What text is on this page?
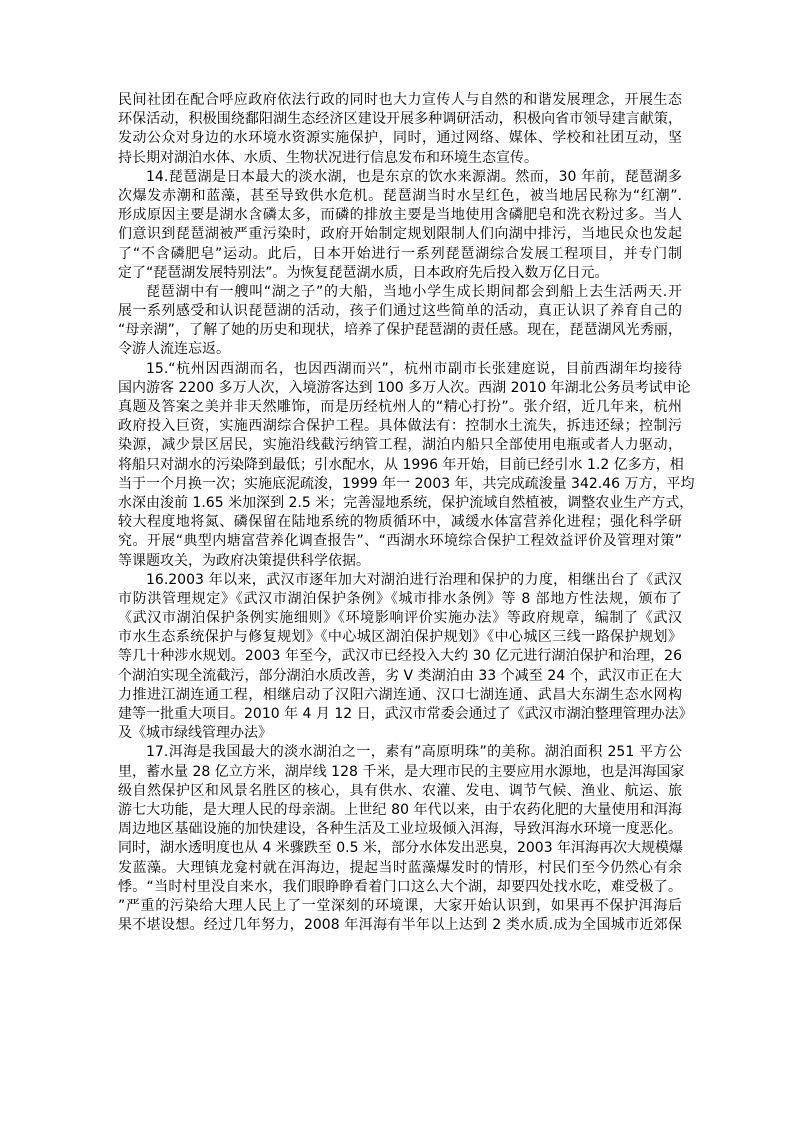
民间社团在配合呼应政府依法行政的同时也大力宣传人与自然的和谐发展理念，开展生态
环保活动，积极围绕鄱阳湖生态经济区建设开展多种调研活动，积极向省市领导建言献策，
发动公众对身边的水环境水资源实施保护，同时，通过网络、媒体、学校和社团互动，坚
持长期对湖泊水体、水质、生物状况进行信息发布和环境生态宣传。
14.琵琶湖是日本最大的淡水湖，也是东京的饮水来源湖。然而，30 年前，琵琶湖多
次爆发赤潮和蓝藻，甚至导致供水危机。琵琶湖当时水呈红色，被当地居民称为“红潮”.
形成原因主要是湖水含磷太多，而磷的排放主要是当地使用含磷肥皂和洗衣粉过多。当人
们意识到琵琶湖被严重污染时，政府开始制定规划限制人们向湖中排污，当地民众也发起
了“不含磷肥皂”运动。此后，日本开始进行一系列琵琶湖综合发展工程项目，并专门制
定了“琵琶湖发展特别法”。为恢复琵琶湖水质，日本政府先后投入数万亿日元。
琵琶湖中有一艘叫“湖之子”的大船，当地小学生成长期间都会到船上去生活两天.开
展一系列感受和认识琵琶湖的活动，孩子们通过这些简单的活动，真正认识了养育自己的
“母亲湖”，了解了她的历史和现状，培养了保护琵琶湖的责任感。现在，琵琶湖风光秀丽，
令游人流连忘返。
15.“杭州因西湖而名，也因西湖而兴”，杭州市副市长张建庭说，目前西湖年均接待
国内游客 2200 多万人次，入境游客达到 100 多万人次。西湖 2010 年湖北公务员考试申论
真题及答案之美并非天然雕饰，而是历经杭州人的“精心打扮”。张介绍，近几年来，杭州
政府投入巨资，实施西湖综合保护工程。具体做法有：控制水土流失，拆违还绿；控制污
染源，减少景区居民，实施沿线截污纳管工程，湖泊内船只全部使用电瓶或者人力驱动，
将船只对湖水的污染降到最低；引水配水，从 1996 年开始，目前已经引水 1.2 亿多方，相
当于一个月换一次；实施底泥疏浚，1999 年一 2003 年，共完成疏浚量 342.46 万方，平均
水深由浚前 1.65 米加深到 2.5 米；完善湿地系统，保护流域自然植被，调整农业生产方式，
较大程度地将氮、磷保留在陆地系统的物质循环中，减缓水体富营养化进程；强化科学研
究。开展“典型内塘富营养化调查报告”、“西湖水环境综合保护工程效益评价及管理对策”
等课题攻关，为政府决策提供科学依据。
16.2003 年以来，武汉市逐年加大对湖泊进行治理和保护的力度，相继出台了《武汉
市防洪管理规定》《武汉市湖泊保护条例》《城市排水条例》等 8 部地方性法规，颁布了
《武汉市湖泊保护条例实施细则》《环境影响评价实施办法》等政府规章，编制了《武汉
市水生态系统保护与修复规划》《中心城区湖泊保护规划》《中心城区三线一路保护规划》
等几十种涉水规划。2003 年至今，武汉市已经投入大约 30 亿元进行湖泊保护和治理，26
个湖泊实现全流截污，部分湖泊水质改善，劣 V 类湖泊由 33 个减至 24 个，武汉市正在大
力推进江湖连通工程，相继启动了汉阳六湖连通、汉口七湖连通、武昌大东湖生态水网构
建等一批重大项目。2010 年 4 月 12 日，武汉市常委会通过了《武汉市湖泊整理管理办法》
及《城市绿线管理办法》
17.洱海是我国最大的淡水湖泊之一，素有”高原明珠”的美称。湖泊面积 251 平方公
里，蓄水量 28 亿立方米，湖岸线 128 千米，是大理市民的主要应用水源地，也是洱海国家
级自然保护区和风景名胜区的核心，具有供水、农灌、发电、调节气候、渔业、航运、旅
游七大功能，是大理人民的母亲湖。上世纪 80 年代以来，由于农药化肥的大量使用和洱海
周边地区基础设施的加快建设，各种生活及工业垃圾倾入洱海，导致洱海水环境一度恶化。
同时，湖水透明度也从 4 米骤跌至 0.5 米，部分水体发出恶臭，2003 年洱海再次大规模爆
发蓝藻。大理镇龙龛村就在洱海边，提起当时蓝藻爆发时的情形，村民们至今仍然心有余
悸。“当时村里没自来水，我们眼睁睁看着门口这么大个湖，却要四处找水吃，难受极了。
”严重的污染给大理人民上了一堂深刻的环境课，大家开始认识到，如果再不保护洱海后
果不堪设想。经过几年努力，2008 年洱海有半年以上达到 2 类水质.成为全国城市近郊保
